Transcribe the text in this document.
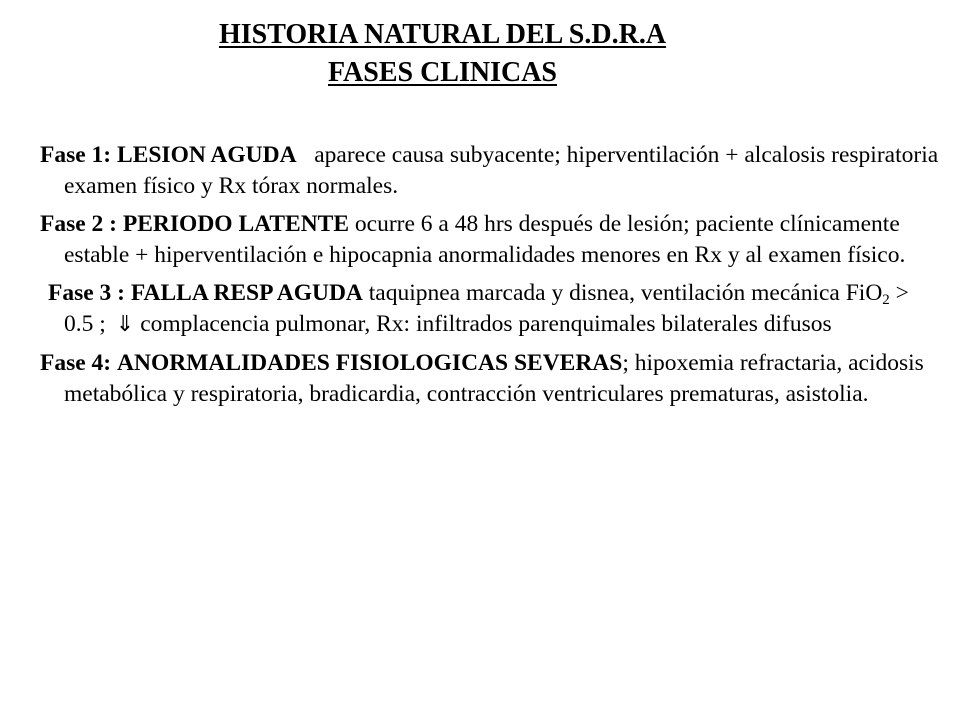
HISTORIA NATURAL DEL S.D.R.A
FASES CLINICAS

Fase 1: LESION AGUDA aparece causa subyacente; hiperventilación + alcalosis respiratoria examen físico y Rx tórax normales.

Fase 2 : PERIODO LATENTE ocurre 6 a 48 hrs después de lesión; paciente clínicamente estable + hiperventilación e hipocapnia anormalidades menores en Rx y al examen físico.

Fase 3 : FALLA RESP AGUDA taquipnea marcada y disnea, ventilación mecánica FiO$_2$ > 0.5 ; ⇓ complacencia pulmonar, Rx: infiltrados parenquimales bilaterales difusos

Fase 4: ANORMALIDADES FISIOLOGICAS SEVERAS; hipoxemia refractaria, acidosis metabólica y respiratoria, bradicardia, contracción ventriculares prematuras, asistolia.
